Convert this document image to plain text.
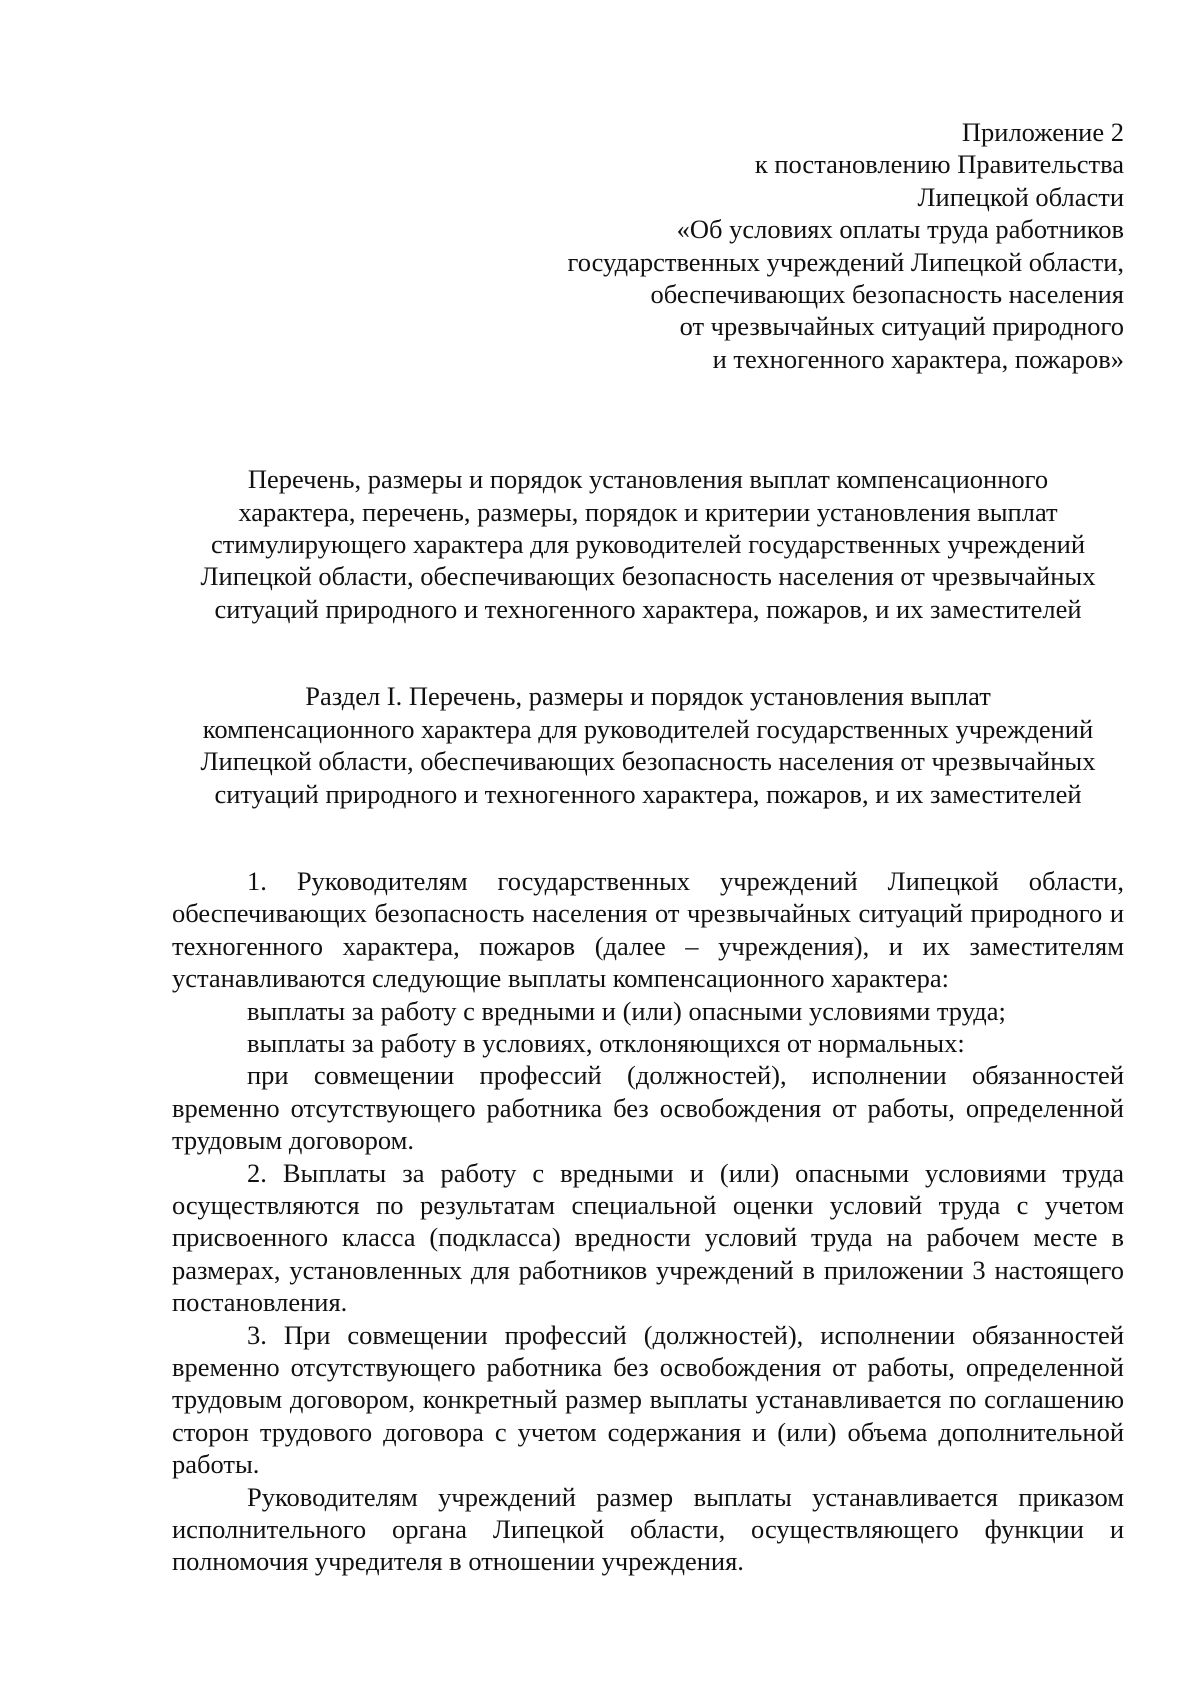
Приложение 2
к постановлению Правительства
Липецкой области
«Об условиях оплаты труда работников
государственных учреждений Липецкой области,
обеспечивающих безопасность населения
от чрезвычайных ситуаций природного
и техногенного характера, пожаров»
Перечень, размеры и порядок установления выплат компенсационного
характера, перечень, размеры, порядок и критерии установления выплат
стимулирующего характера для руководителей государственных учреждений
Липецкой области, обеспечивающих безопасность населения от чрезвычайных
ситуаций природного и техногенного характера, пожаров, и их заместителей
Раздел I. Перечень, размеры и порядок установления выплат
компенсационного характера для руководителей государственных учреждений
Липецкой области, обеспечивающих безопасность населения от чрезвычайных
ситуаций природного и техногенного характера, пожаров, и их заместителей

1. Руководителям государственных учреждений Липецкой области, обеспечивающих безопасность населения от чрезвычайных ситуаций природного и техногенного характера, пожаров (далее – учреждения), и их заместителям устанавливаются следующие выплаты компенсационного характера:

выплаты за работу с вредными и (или) опасными условиями труда;

выплаты за работу в условиях, отклоняющихся от нормальных:

при совмещении профессий (должностей), исполнении обязанностей временно отсутствующего работника без освобождения от работы, определенной трудовым договором.

2. Выплаты за работу с вредными и (или) опасными условиями труда осуществляются по результатам специальной оценки условий труда с учетом присвоенного класса (подкласса) вредности условий труда на рабочем месте в размерах, установленных для работников учреждений в приложении 3 настоящего постановления.

3. При совмещении профессий (должностей), исполнении обязанностей временно отсутствующего работника без освобождения от работы, определенной трудовым договором, конкретный размер выплаты устанавливается по соглашению сторон трудового договора с учетом содержания и (или) объема дополнительной работы.

Руководителям учреждений размер выплаты устанавливается приказом исполнительного органа Липецкой области, осуществляющего функции и полномочия учредителя в отношении учреждения.
